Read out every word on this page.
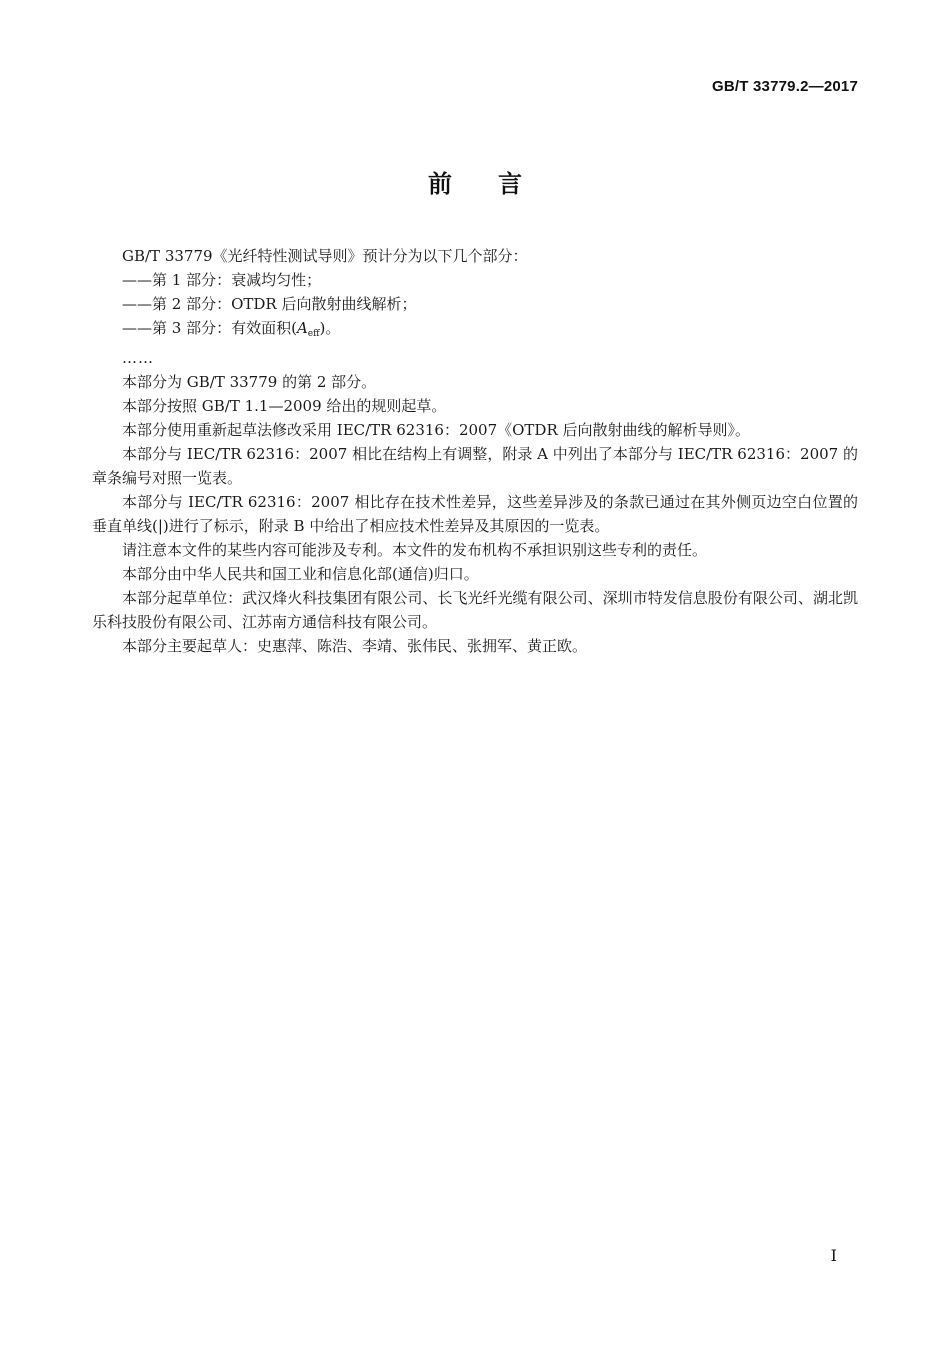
GB/T 33779.2—2017
前言

GB/T 33779《光纤特性测试导则》预计分为以下几个部分：

——第 1 部分：衰减均匀性；

——第 2 部分：OTDR 后向散射曲线解析；

——第 3 部分：有效面积$(A_{eff})$。

……

本部分为 GB/T 33779 的第 2 部分。

本部分按照 GB/T 1.1—2009 给出的规则起草。

本部分使用重新起草法修改采用 IEC/TR 62316：2007《OTDR 后向散射曲线的解析导则》。

本部分与 IEC/TR 62316：2007 相比在结构上有调整，附录 A 中列出了本部分与 IEC/TR 62316：2007 的章条编号对照一览表。

本部分与 IEC/TR 62316：2007 相比存在技术性差异，这些差异涉及的条款已通过在其外侧页边空白位置的垂直单线(|)进行了标示，附录 B 中给出了相应技术性差异及其原因的一览表。

请注意本文件的某些内容可能涉及专利。本文件的发布机构不承担识别这些专利的责任。

本部分由中华人民共和国工业和信息化部(通信)归口。

本部分起草单位：武汉烽火科技集团有限公司、长飞光纤光缆有限公司、深圳市特发信息股份有限公司、湖北凯乐科技股份有限公司、江苏南方通信科技有限公司。

本部分主要起草人：史惠萍、陈浩、李靖、张伟民、张拥军、黄正欧。

I
